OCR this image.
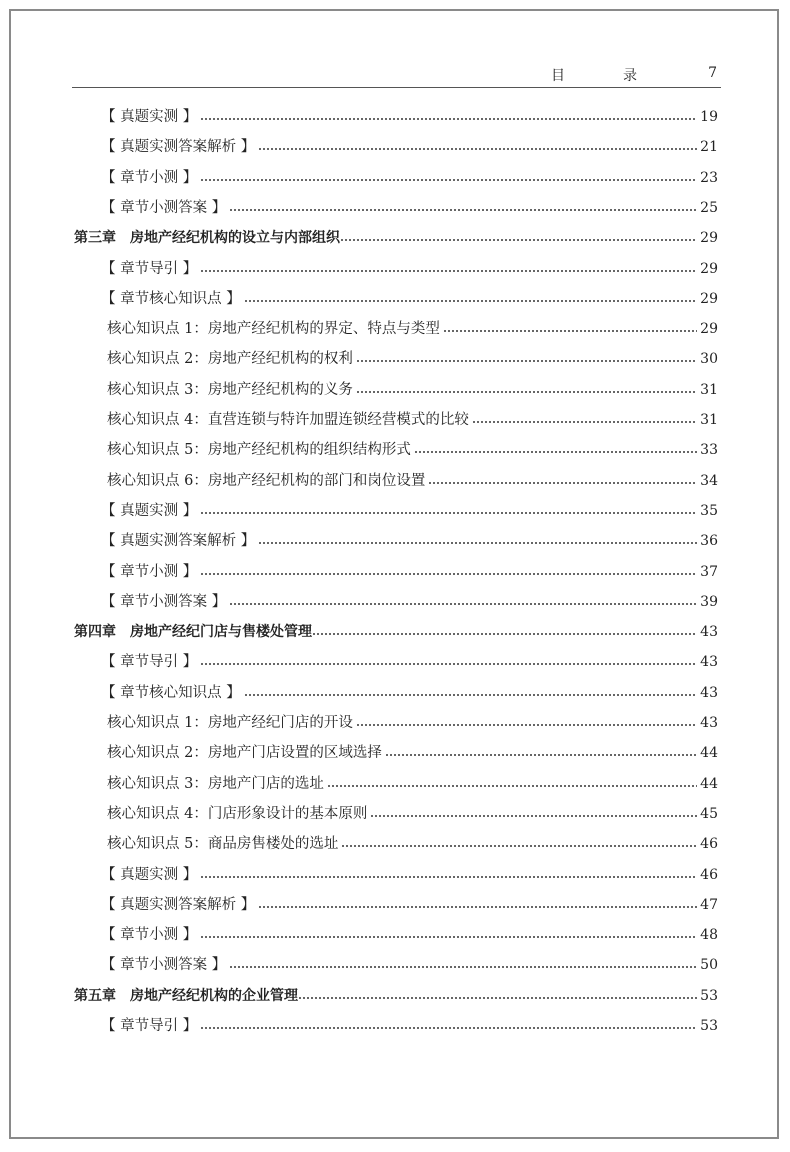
目　录	7
【 真题实测 】	19
【 真题实测答案解析 】	21
【 章节小测 】	23
【 章节小测答案 】	25
第三章　房地产经纪机构的设立与内部组织	29
【 章节导引 】	29
【 章节核心知识点 】	29
核心知识点 1：房地产经纪机构的界定、特点与类型	29
核心知识点 2：房地产经纪机构的权利	30
核心知识点 3：房地产经纪机构的义务	31
核心知识点 4：直营连锁与特许加盟连锁经营模式的比较	31
核心知识点 5：房地产经纪机构的组织结构形式	33
核心知识点 6：房地产经纪机构的部门和岗位设置	34
【 真题实测 】	35
【 真题实测答案解析 】	36
【 章节小测 】	37
【 章节小测答案 】	39
第四章　房地产经纪门店与售楼处管理	43
【 章节导引 】	43
【 章节核心知识点 】	43
核心知识点 1：房地产经纪门店的开设	43
核心知识点 2：房地产门店设置的区域选择	44
核心知识点 3：房地产门店的选址	44
核心知识点 4：门店形象设计的基本原则	45
核心知识点 5：商品房售楼处的选址	46
【 真题实测 】	46
【 真题实测答案解析 】	47
【 章节小测 】	48
【 章节小测答案 】	50
第五章　房地产经纪机构的企业管理	53
【 章节导引 】	53
